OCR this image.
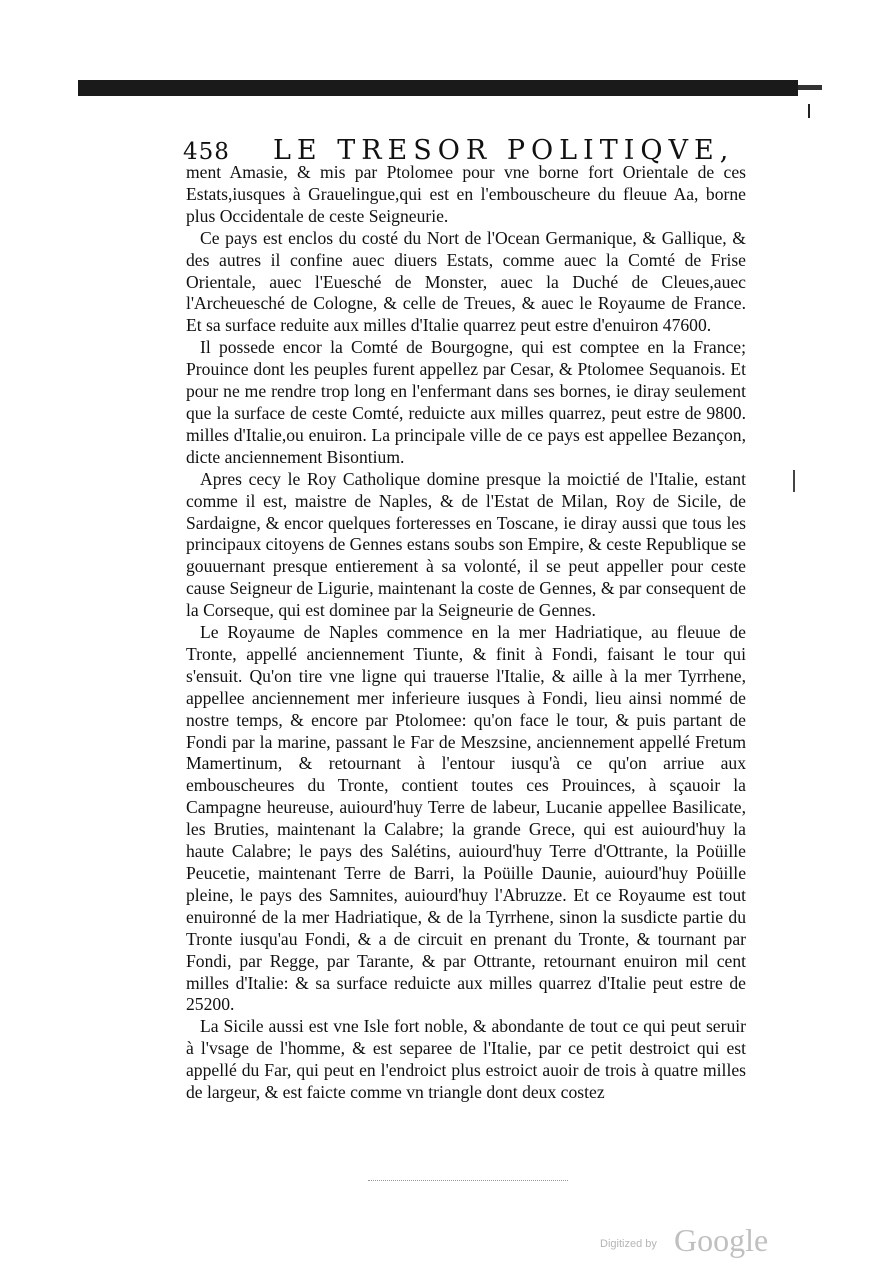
458 LE TRESOR POLITIQVE,

ment Amasie, & mis par Ptolomee pour vne borne fort Orientale de ces Estats,iusques à Grauelingue,qui est en l'embouscheure du fleuue Aa, borne plus Occidentale de ceste Seigneurie.

Ce pays est enclos du costé du Nort de l'Ocean Germanique, & Gallique, & des autres il confine auec diuers Estats, comme auec la Comté de Frise Orientale, auec l'Euesché de Monster, auec la Duché de Cleues,auec l'Archeuesché de Cologne, & celle de Treues, & auec le Royaume de France. Et sa surface reduite aux milles d'Italie quarrez peut estre d'enuiron 47600.

Il possede encor la Comté de Bourgogne, qui est comptee en la France; Prouince dont les peuples furent appellez par Cesar, & Ptolomee Sequanois. Et pour ne me rendre trop long en l'enfermant dans ses bornes, ie diray seulement que la surface de ceste Comté, reduicte aux milles quarrez, peut estre de 9800. milles d'Italie,ou enuiron. La principale ville de ce pays est appellee Bezançon, dicte anciennement Bisontium.

Apres cecy le Roy Catholique domine presque la moictié de l'Italie, estant comme il est, maistre de Naples, & de l'Estat de Milan, Roy de Sicile, de Sardaigne, & encor quelques forteresses en Toscane, ie diray aussi que tous les principaux citoyens de Gennes estans soubs son Empire, & ceste Republique se gouuernant presque entierement à sa volonté, il se peut appeller pour ceste cause Seigneur de Ligurie, maintenant la coste de Gennes, & par consequent de la Corseque, qui est dominee par la Seigneurie de Gennes.

Le Royaume de Naples commence en la mer Hadriatique, au fleuue de Tronte, appellé anciennement Tiunte, & finit à Fondi, faisant le tour qui s'ensuit. Qu'on tire vne ligne qui trauerse l'Italie, & aille à la mer Tyrrhene, appellee anciennement mer inferieure iusques à Fondi, lieu ainsi nommé de nostre temps, & encore par Ptolomee: qu'on face le tour, & puis partant de Fondi par la marine, passant le Far de Meszsine, anciennement appellé Fretum Mamertinum, & retournant à l'entour iusqu'à ce qu'on arriue aux embouscheures du Tronte, contient toutes ces Prouinces, à sçauoir la Campagne heureuse, auiourd'huy Terre de labeur, Lucanie appellee Basilicate, les Bruties, maintenant la Calabre; la grande Grece, qui est auiourd'huy la haute Calabre; le pays des Salétins, auiourd'huy Terre d'Ottrante, la Poüille Peucetie, maintenant Terre de Barri, la Poüille Daunie, auiourd'huy Poüille pleine, le pays des Samnites, auiourd'huy l'Abruzze. Et ce Royaume est tout enuironné de la mer Hadriatique, & de la Tyrrhene, sinon la susdicte partie du Tronte iusqu'au Fondi, & a de circuit en prenant du Tronte, & tournant par Fondi, par Regge, par Tarante, & par Ottrante, retournant enuiron mil cent milles d'Italie: & sa surface reduicte aux milles quarrez d'Italie peut estre de 25200.

La Sicile aussi est vne Isle fort noble, & abondante de tout ce qui peut seruir à l'vsage de l'homme, & est separee de l'Italie, par ce petit destroict qui est appellé du Far, qui peut en l'endroict plus estroict auoir de trois à quatre milles de largeur, & est faicte comme vn triangle dont deux costez

Digitized by Google
